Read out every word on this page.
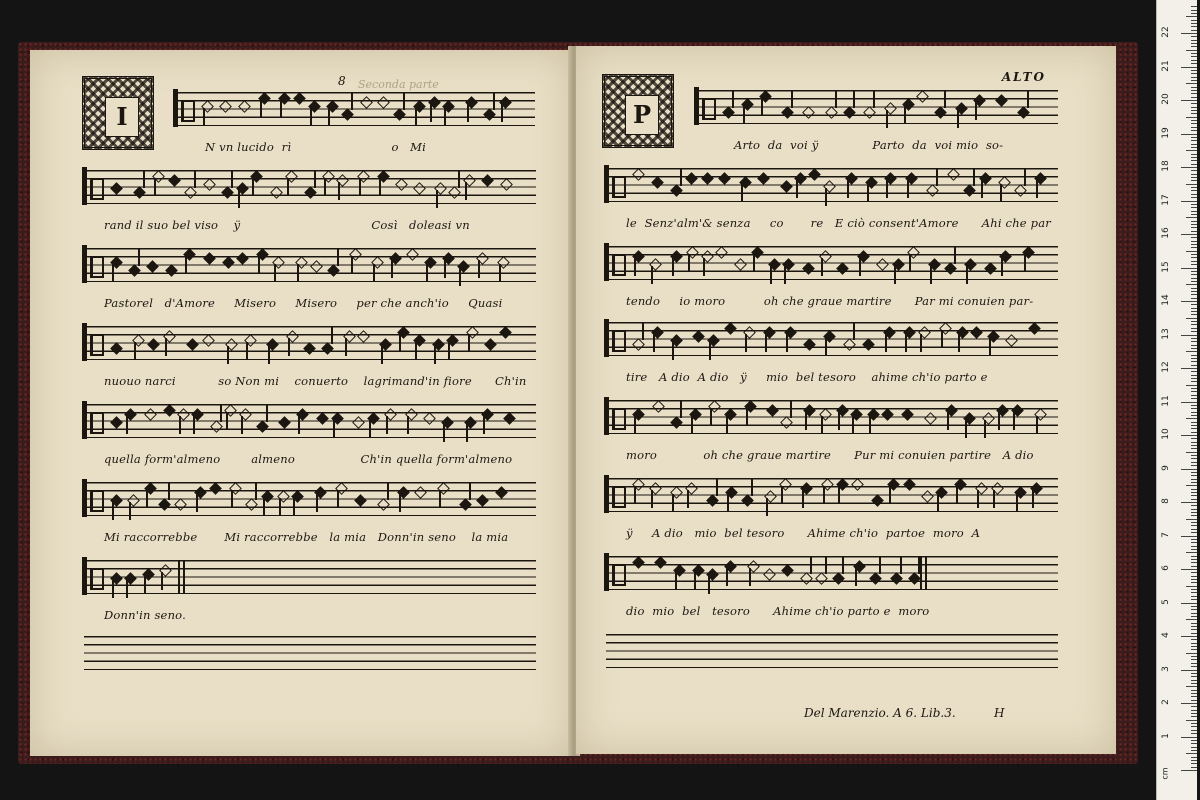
Seconda parte
8
I
N vn lucido  rì                          o   Mi
rand il suo bel viso    ÿ                                  Così   doleasi vn
Pastorel   d'Amore     Misero     Misero     per che anch'io     Quasi
nuouo narci           so Non mi    conuerto    lagrimand'in fiore      Ch'in
quella form'almeno        almeno                 Ch'in quella form'almeno
Mi raccorrebbe       Mi raccorrebbe   la mia   Donn'in seno    la mia
Donn'in seno.
ALTO
P
Del Marenzio. A 6. Lib.3.	H
Arto  da  voi ÿ              Parto  da  voi mio  so-
le  Senz'alm'& senza     co       re   E ciò consent'Amore      Ahi che par
tendo     io moro          oh che graue martire      Par mi conuien par-
tire   A dio  A dio   ÿ     mio  bel tesoro    ahime ch'io parto e
moro            oh che graue martire      Pur mi conuien partire   A dio
ÿ     A dio   mio  bel tesoro      Ahime ch'io  partoe  moro  A
dio  mio  bel   tesoro      Ahime ch'io parto e  moro
cm
1
2
3
4
5
6
7
8
9
10
11
12
13
14
15
16
17
18
19
20
21
22
